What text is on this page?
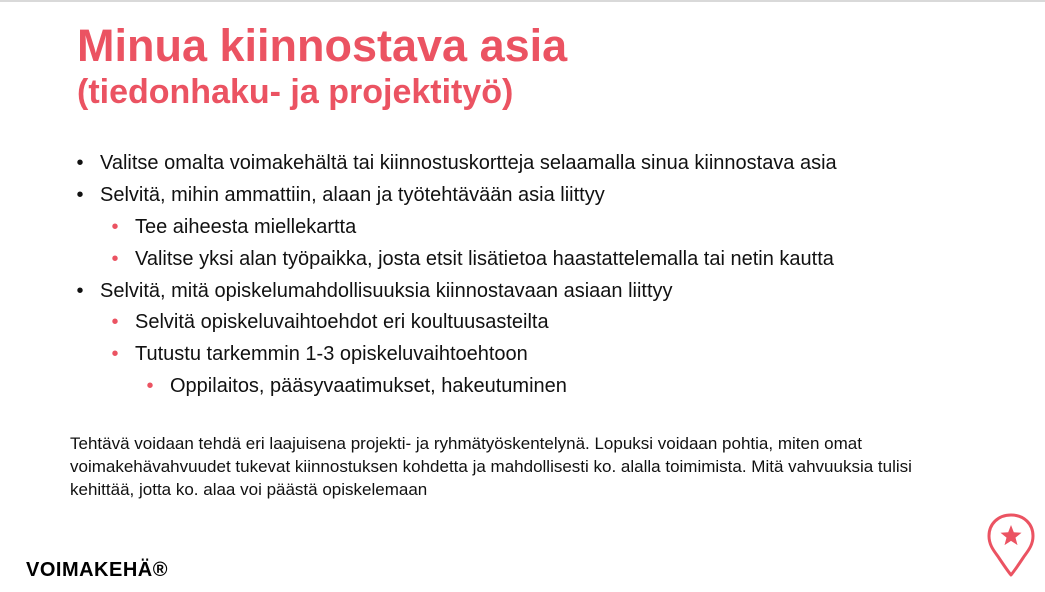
Minua kiinnostava asia
(tiedonhaku- ja projektityö)
• Valitse omalta voimakehältä tai kiinnostuskortteja selaamalla sinua kiinnostava asia
• Selvitä, mihin ammattiin, alaan ja työtehtävään asia liittyy
• Tee aiheesta miellekartta
• Valitse yksi alan työpaikka, josta etsit lisätietoa haastattelemalla tai netin kautta
• Selvitä, mitä opiskelumahdollisuuksia kiinnostavaan asiaan liittyy
• Selvitä opiskeluvaihtoehdot eri koultuusasteilta
• Tutustu tarkemmin 1-3 opiskeluvaihtoehtoon
• Oppilaitos, pääsyvaatimukset, hakeutuminen

Tehtävä voidaan tehdä eri laajuisena projekti- ja ryhmätyöskentelynä. Lopuksi voidaan pohtia, miten omat voimakehävahvuudet tukevat kiinnostuksen kohdetta ja mahdollisesti ko. alalla toimimista. Mitä vahvuuksia tulisi kehittää, jotta ko. alaa voi päästä opiskelemaan

VOIMAKEHÄ®
